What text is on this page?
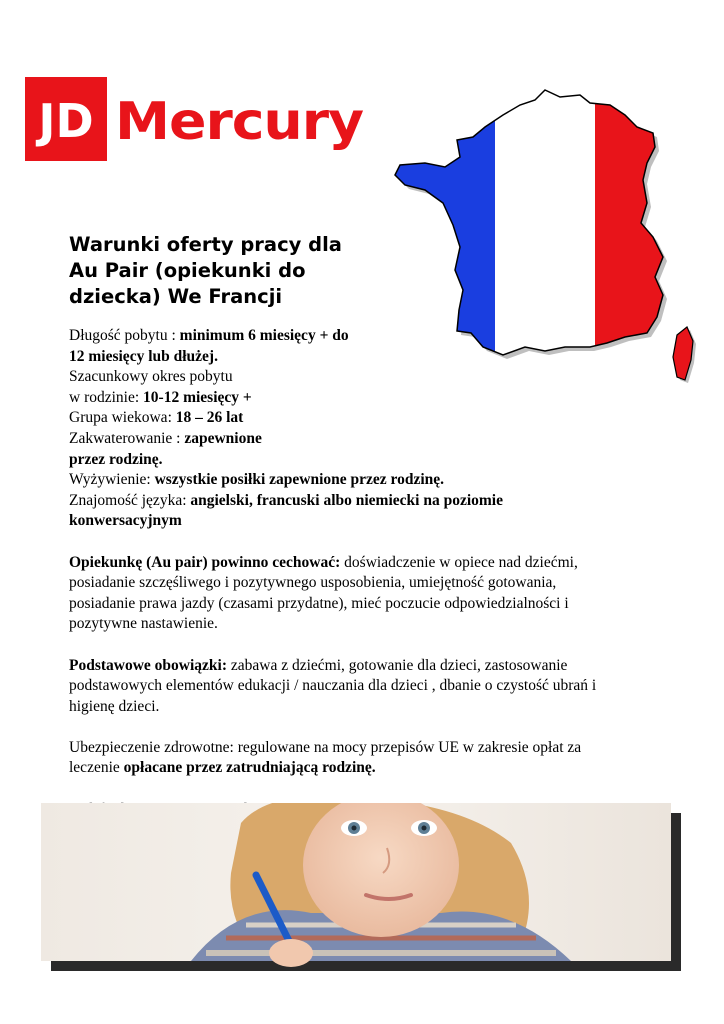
JD Mercury
Warunki oferty pracy dla
Au Pair (opiekunki do
dziecka) We Francji

Długość pobytu : minimum 6 miesięcy + do

12 miesięcy lub dłużej.

Szacunkowy okres pobytu

w rodzinie: 10-12 miesięcy +

Grupa wiekowa: 18 – 26 lat

Zakwaterowanie : zapewnione

przez rodzinę.

Wyżywienie: wszystkie posiłki zapewnione przez rodzinę.

Znajomość języka: angielski, francuski albo niemiecki na poziomie

konwersacyjnym

Opiekunkę (Au pair) powinno cechować: doświadczenie w opiece nad dziećmi,
posiadanie szczęśliwego i pozytywnego usposobienia, umiejętność gotowania,
posiadanie prawa jazdy (czasami przydatne), mieć poczucie odpowiedzialności i
pozytywne nastawienie.

Podstawowe obowiązki: zabawa z dziećmi, gotowanie dla dzieci, zastosowanie
podstawowych elementów edukacji / nauczania dla dzieci , dbanie o czystość ubrań i
higienę dzieci.

Ubezpieczenie zdrowotne: regulowane na mocy przepisów UE w zakresie opłat za
leczenie opłacane przez zatrudniającą rodzinę.
